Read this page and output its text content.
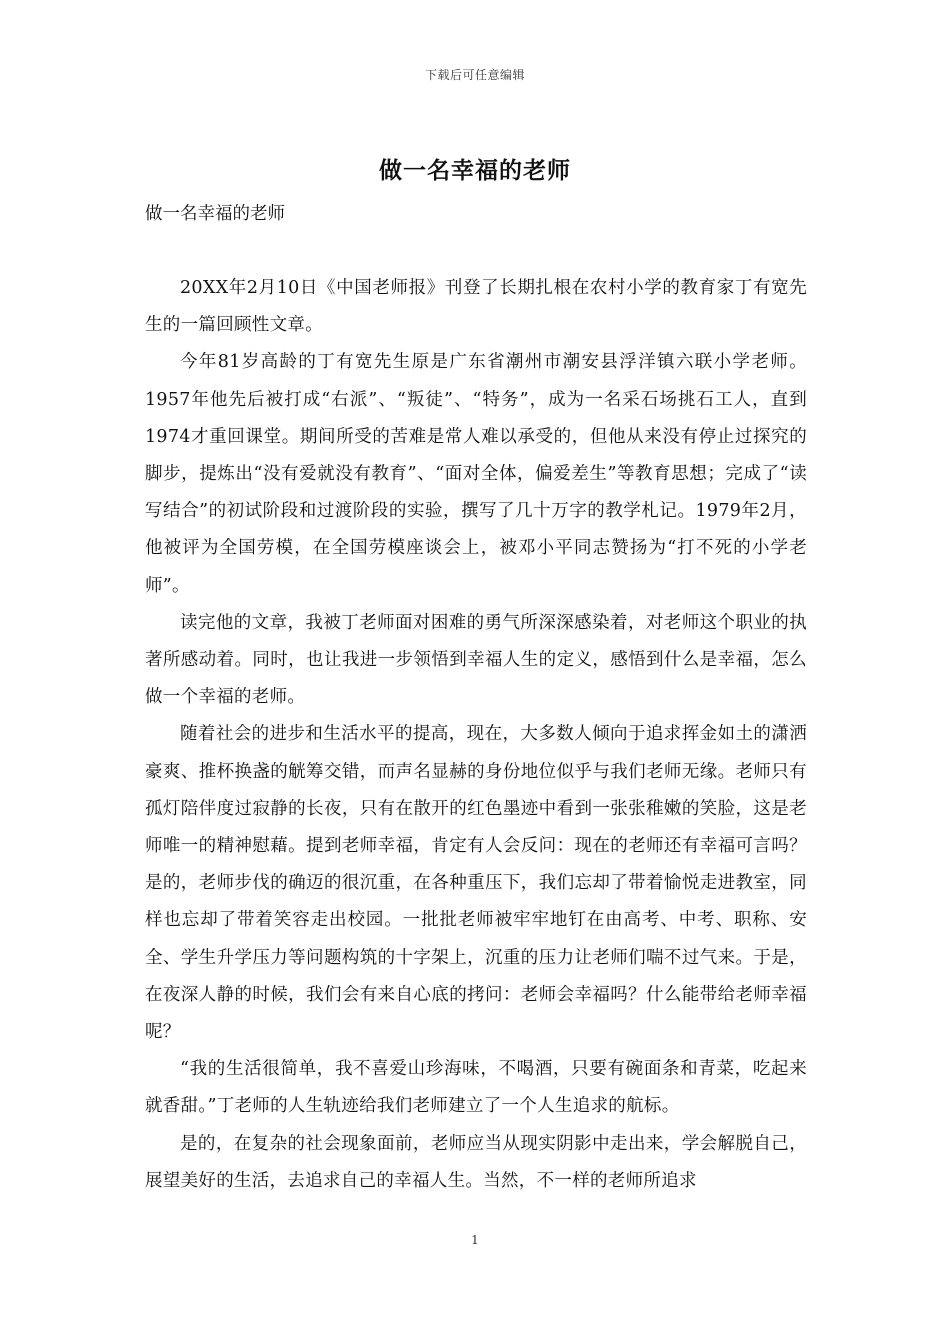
下载后可任意编辑
做一名幸福的老师
做一名幸福的老师

20XX年2月10日《中国老师报》刊登了长期扎根在农村小学的教育家丁有宽先生的一篇回顾性文章。

今年81岁高龄的丁有宽先生原是广东省潮州市潮安县浮洋镇六联小学老师。1957年他先后被打成“右派”、“叛徒”、“特务”，成为一名采石场挑石工人，直到1974才重回课堂。期间所受的苦难是常人难以承受的，但他从来没有停止过探究的脚步，提炼出“没有爱就没有教育”、“面对全体，偏爱差生”等教育思想；完成了“读写结合”的初试阶段和过渡阶段的实验，撰写了几十万字的教学札记。1979年2月，他被评为全国劳模，在全国劳模座谈会上，被邓小平同志赞扬为“打不死的小学老师”。

读完他的文章，我被丁老师面对困难的勇气所深深感染着，对老师这个职业的执著所感动着。同时，也让我进一步领悟到幸福人生的定义，感悟到什么是幸福，怎么做一个幸福的老师。

随着社会的进步和生活水平的提高，现在，大多数人倾向于追求挥金如土的潇洒豪爽、推杯换盏的觥筹交错，而声名显赫的身份地位似乎与我们老师无缘。老师只有孤灯陪伴度过寂静的长夜，只有在散开的红色墨迹中看到一张张稚嫩的笑脸，这是老师唯一的精神慰藉。提到老师幸福，肯定有人会反问：现在的老师还有幸福可言吗？是的，老师步伐的确迈的很沉重，在各种重压下，我们忘却了带着愉悦走进教室，同样也忘却了带着笑容走出校园。一批批老师被牢牢地钉在由高考、中考、职称、安全、学生升学压力等问题构筑的十字架上，沉重的压力让老师们喘不过气来。于是，在夜深人静的时候，我们会有来自心底的拷问：老师会幸福吗？什么能带给老师幸福呢？

“我的生活很简单，我不喜爱山珍海味，不喝酒，只要有碗面条和青菜，吃起来就香甜。”丁老师的人生轨迹给我们老师建立了一个人生追求的航标。

是的，在复杂的社会现象面前，老师应当从现实阴影中走出来，学会解脱自己，展望美好的生活，去追求自己的幸福人生。当然，不一样的老师所追求

1
